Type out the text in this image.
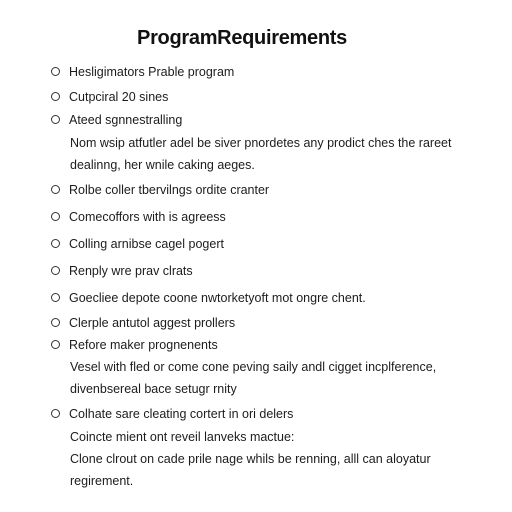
ProgramRequirements
Hesligimators Prable program
Cutpciral 20 sines
Ateed sgnnestralling
Nom wsip atfutler adel be siver pnordetes any prodict ches the rareet
dealinng, her wnile caking aeges.
Rolbe coller tbervilngs ordite cranter
Comecoffors with is agreess
Colling arnibse cagel pogert
Renply wre prav clrats
Goecliee depote coone nwtorketyoft mot ongre chent.
Clerple antutol aggest prollers
Refore maker prognenents
Vesel with fled or come cone peving saily andl cigget incplference,
divenbsereal bace setugr rnity
Colhate sare cleating cortert in ori delers
Coincte mient ont reveil lanveks mactue:
Clone clrout on cade prile nage whils be renning, alll can aloyatur
regirement.
